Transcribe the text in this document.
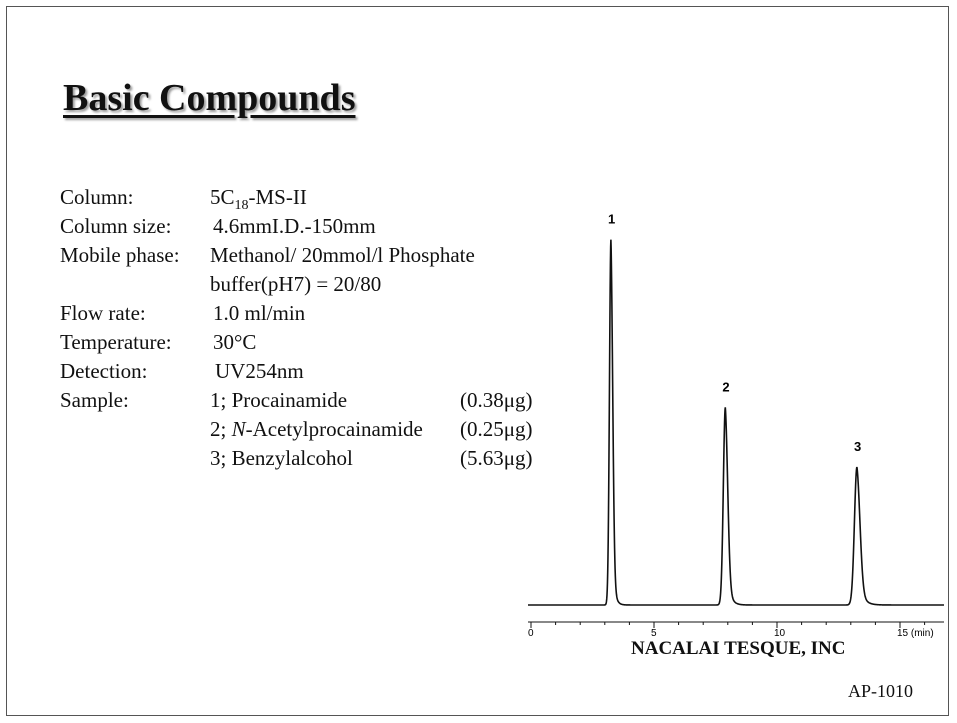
Basic Compounds
Column:	$5C_{18}-MS-II$
Column size: 4.6mmI.D.-150mm
Mobile phase: Methanol/ 20mmol/l Phosphate
buffer(pH7) = 20/80
Flow rate:	1.0 ml/min
Temperature: 30°C
Detection:	UV254nm
Sample:	1; Procainamide	(0.38μg)
2; N-Acetylprocainamide (0.25μg)
3; Benzylalcohol	(5.63μg)
0	5	10	15 (min)
1
2
3
NACALAI TESQUE, INC
AP-1010
